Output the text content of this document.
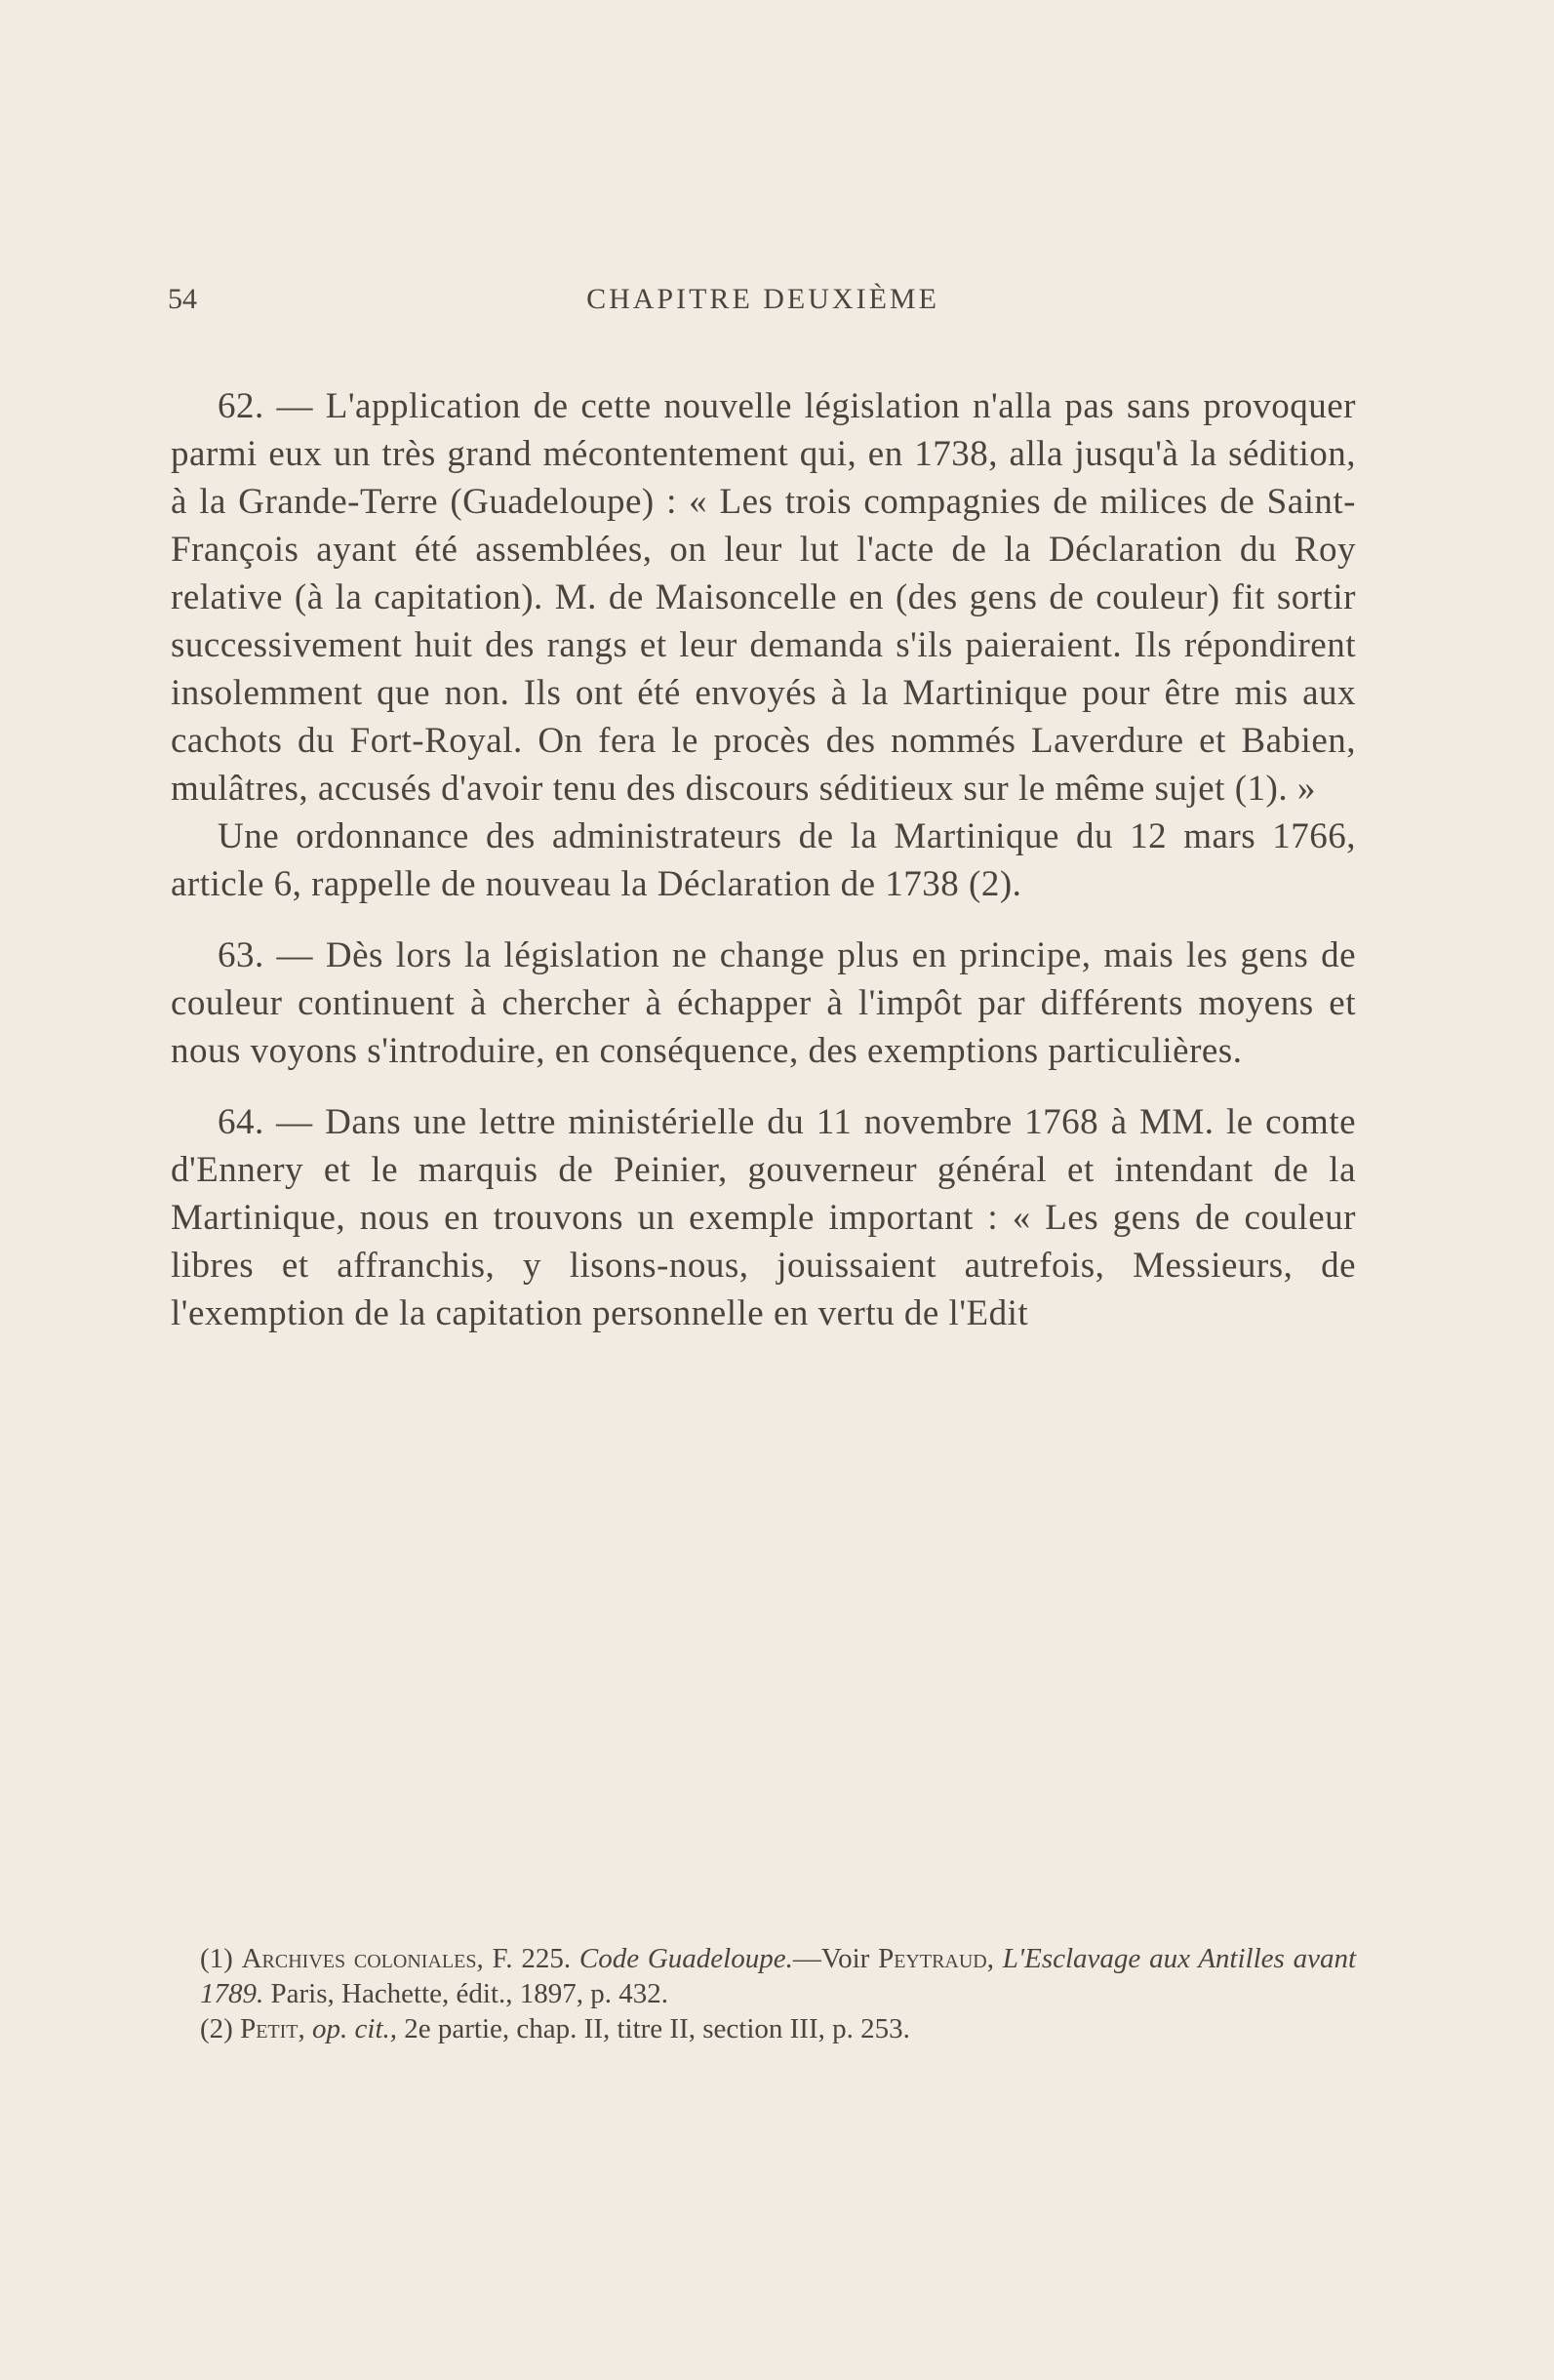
54	CHAPITRE DEUXIÈME

62. — L'application de cette nouvelle législation n'alla pas sans provoquer parmi eux un très grand mécontentement qui, en 1738, alla jusqu'à la sédition, à la Grande-Terre (Guadeloupe) : « Les trois compagnies de milices de Saint-François ayant été assemblées, on leur lut l'acte de la Déclaration du Roy relative (à la capitation). M. de Maisoncelle en (des gens de couleur) fit sortir successivement huit des rangs et leur demanda s'ils paieraient. Ils répondirent insolemment que non. Ils ont été envoyés à la Martinique pour être mis aux cachots du Fort-Royal. On fera le procès des nommés Laverdure et Babien, mulâtres, accusés d'avoir tenu des discours séditieux sur le même sujet (1). »

Une ordonnance des administrateurs de la Martinique du 12 mars 1766, article 6, rappelle de nouveau la Déclaration de 1738 (2).

63. — Dès lors la législation ne change plus en principe, mais les gens de couleur continuent à chercher à échapper à l'impôt par différents moyens et nous voyons s'introduire, en conséquence, des exemptions particulières.

64. — Dans une lettre ministérielle du 11 novembre 1768 à MM. le comte d'Ennery et le marquis de Peinier, gouverneur général et intendant de la Martinique, nous en trouvons un exemple important : « Les gens de couleur libres et affranchis, y lisons-nous, jouissaient autrefois, Messieurs, de l'exemption de la capitation personnelle en vertu de l'Edit

(1) Archives coloniales, F. 225. Code Guadeloupe.—Voir Peytraud, L'Esclavage aux Antilles avant 1789. Paris, Hachette, édit., 1897, p. 432.

(2) Petit, op. cit., 2e partie, chap. II, titre II, section III, p. 253.
